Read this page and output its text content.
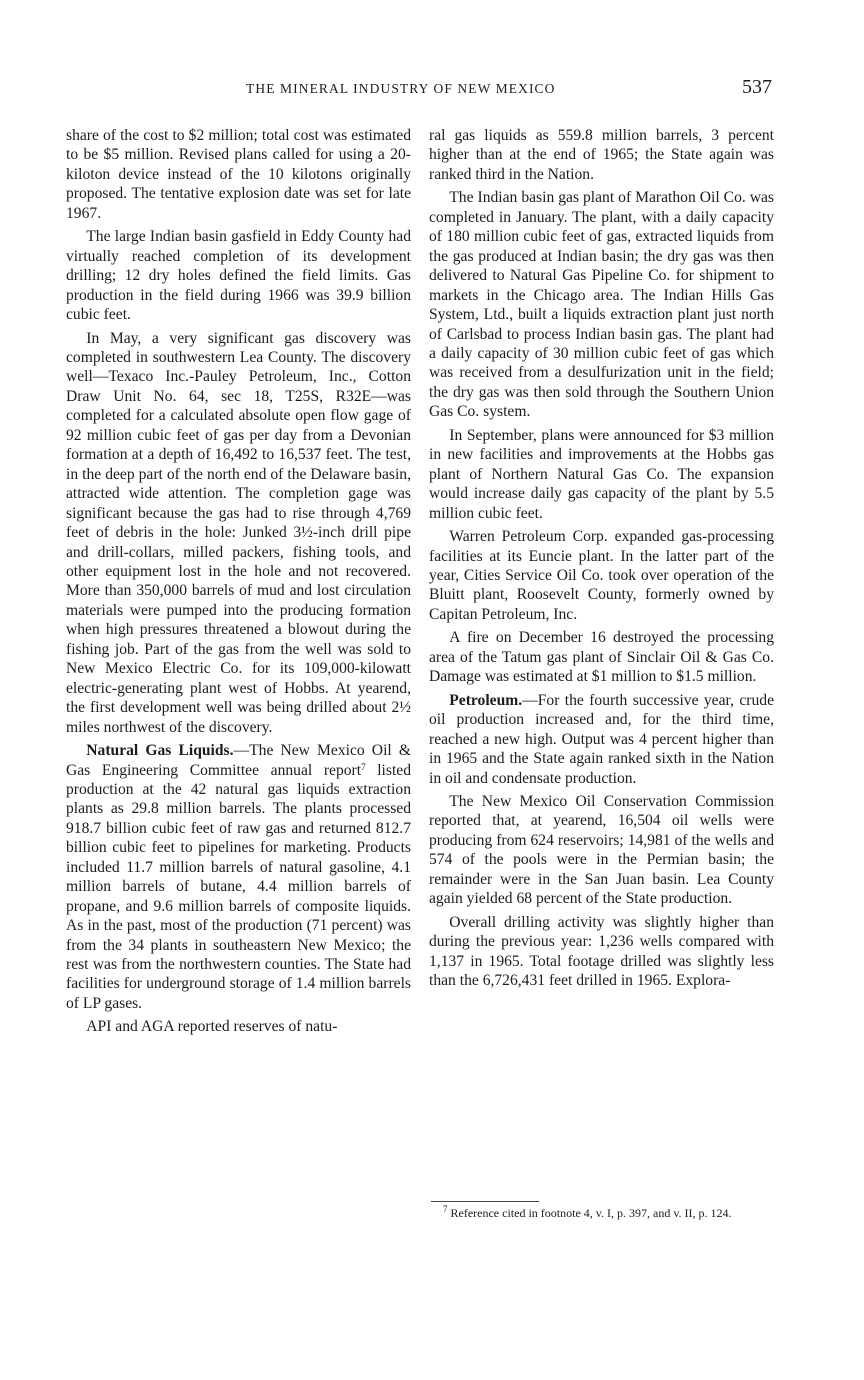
THE MINERAL INDUSTRY OF NEW MEXICO	537

share of the cost to $2 million; total cost was estimated to be $5 million. Revised plans called for using a 20-kiloton device instead of the 10 kilotons originally proposed. The tentative explosion date was set for late 1967.

The large Indian basin gasfield in Eddy County had virtually reached completion of its development drilling; 12 dry holes defined the field limits. Gas production in the field during 1966 was 39.9 billion cubic feet.

In May, a very significant gas discovery was completed in southwestern Lea County. The discovery well—Texaco Inc.-Pauley Petroleum, Inc., Cotton Draw Unit No. 64, sec 18, T25S, R32E—was completed for a calculated absolute open flow gage of 92 million cubic feet of gas per day from a Devonian formation at a depth of 16,492 to 16,537 feet. The test, in the deep part of the north end of the Delaware basin, attracted wide attention. The completion gage was significant because the gas had to rise through 4,769 feet of debris in the hole: Junked 3½-inch drill pipe and drill-collars, milled packers, fishing tools, and other equipment lost in the hole and not recovered. More than 350,000 barrels of mud and lost circulation materials were pumped into the producing formation when high pressures threatened a blowout during the fishing job. Part of the gas from the well was sold to New Mexico Electric Co. for its 109,000-kilowatt electric-generating plant west of Hobbs. At yearend, the first development well was being drilled about 2½ miles northwest of the discovery.

Natural Gas Liquids.—The New Mexico Oil & Gas Engineering Committee annual report$^7$ listed production at the 42 natural gas liquids extraction plants as 29.8 million barrels. The plants processed 918.7 billion cubic feet of raw gas and returned 812.7 billion cubic feet to pipelines for marketing. Products included 11.7 million barrels of natural gasoline, 4.1 million barrels of butane, 4.4 million barrels of propane, and 9.6 million barrels of composite liquids. As in the past, most of the production (71 percent) was from the 34 plants in southeastern New Mexico; the rest was from the northwestern counties. The State had facilities for underground storage of 1.4 million barrels of LP gases.

API and AGA reported reserves of natu-

ral gas liquids as 559.8 million barrels, 3 percent higher than at the end of 1965; the State again was ranked third in the Nation.

The Indian basin gas plant of Marathon Oil Co. was completed in January. The plant, with a daily capacity of 180 million cubic feet of gas, extracted liquids from the gas produced at Indian basin; the dry gas was then delivered to Natural Gas Pipeline Co. for shipment to markets in the Chicago area. The Indian Hills Gas System, Ltd., built a liquids extraction plant just north of Carlsbad to process Indian basin gas. The plant had a daily capacity of 30 million cubic feet of gas which was received from a desulfurization unit in the field; the dry gas was then sold through the Southern Union Gas Co. system.

In September, plans were announced for $3 million in new facilities and improvements at the Hobbs gas plant of Northern Natural Gas Co. The expansion would increase daily gas capacity of the plant by 5.5 million cubic feet.

Warren Petroleum Corp. expanded gas-processing facilities at its Euncie plant. In the latter part of the year, Cities Service Oil Co. took over operation of the Bluitt plant, Roosevelt County, formerly owned by Capitan Petroleum, Inc.

A fire on December 16 destroyed the processing area of the Tatum gas plant of Sinclair Oil & Gas Co. Damage was estimated at $1 million to $1.5 million.

Petroleum.—For the fourth successive year, crude oil production increased and, for the third time, reached a new high. Output was 4 percent higher than in 1965 and the State again ranked sixth in the Nation in oil and condensate production.

The New Mexico Oil Conservation Commission reported that, at yearend, 16,504 oil wells were producing from 624 reservoirs; 14,981 of the wells and 574 of the pools were in the Permian basin; the remainder were in the San Juan basin. Lea County again yielded 68 percent of the State production.

Overall drilling activity was slightly higher than during the previous year: 1,236 wells compared with 1,137 in 1965. Total footage drilled was slightly less than the 6,726,431 feet drilled in 1965. Explora-

$^7$ Reference cited in footnote 4, v. I, p. 397, and v. II, p. 124.
